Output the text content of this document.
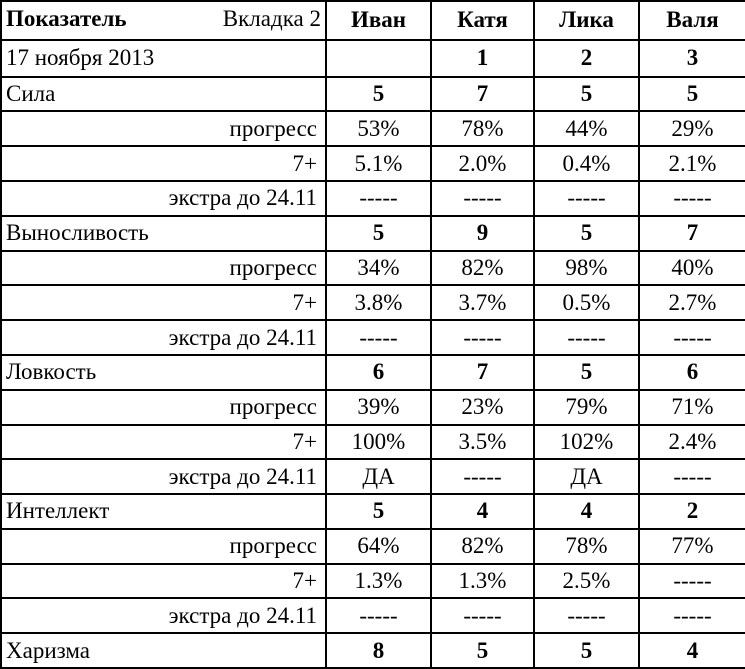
Показатель Вкладка 2	Иван	Катя	Лика	Валя
17 ноября 2013		1	2	3
Сила	5	7	5	5
прогресс	53%	78%	44%	29%
7+	5.1%	2.0%	0.4%	2.1%
экстра до 24.11	-----	-----	-----	-----
Выносливость	5	9	5	7
прогресс	34%	82%	98%	40%
7+	3.8%	3.7%	0.5%	2.7%
экстра до 24.11	-----	-----	-----	-----
Ловкость	6	7	5	6
прогресс	39%	23%	79%	71%
7+	100%	3.5%	102%	2.4%
экстра до 24.11	ДА	-----	ДА	-----
Интеллект	5	4	4	2
прогресс	64%	82%	78%	77%
7+	1.3%	1.3%	2.5%	-----
экстра до 24.11	-----	-----	-----	-----
Харизма	8	5	5	4
